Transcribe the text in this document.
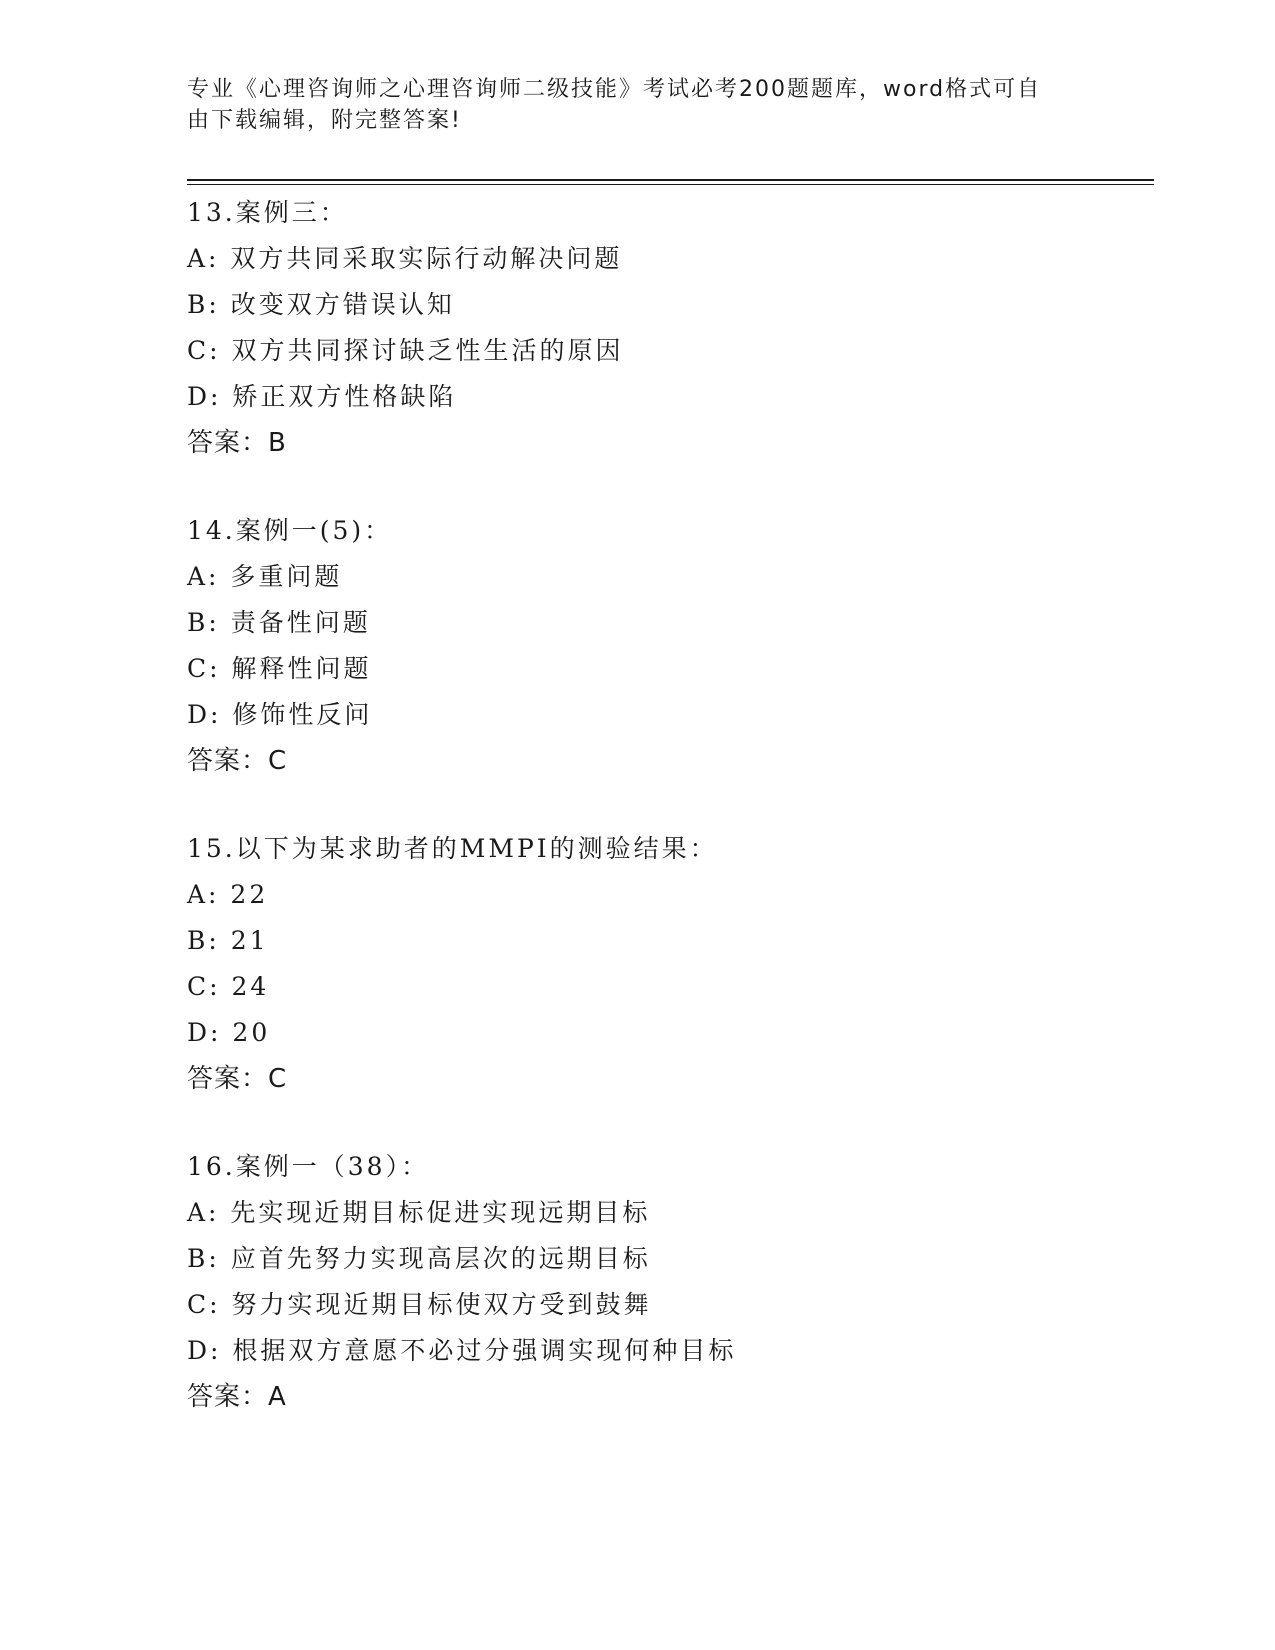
专业《心理咨询师之心理咨询师二级技能》考试必考200题题库，word格式可自
由下载编辑，附完整答案!
13.案例三：
A: 双方共同采取实际行动解决问题
B: 改变双方错误认知
C: 双方共同探讨缺乏性生活的原因
D: 矫正双方性格缺陷
答案：B
14.案例一(5)：
A: 多重问题
B: 责备性问题
C: 解释性问题
D: 修饰性反问
答案：C
15.以下为某求助者的MMPI的测验结果：
A: 22
B: 21
C: 24
D: 20
答案：C
16.案例一（38）：
A: 先实现近期目标促进实现远期目标
B: 应首先努力实现高层次的远期目标
C: 努力实现近期目标使双方受到鼓舞
D: 根据双方意愿不必过分强调实现何种目标
答案：A
